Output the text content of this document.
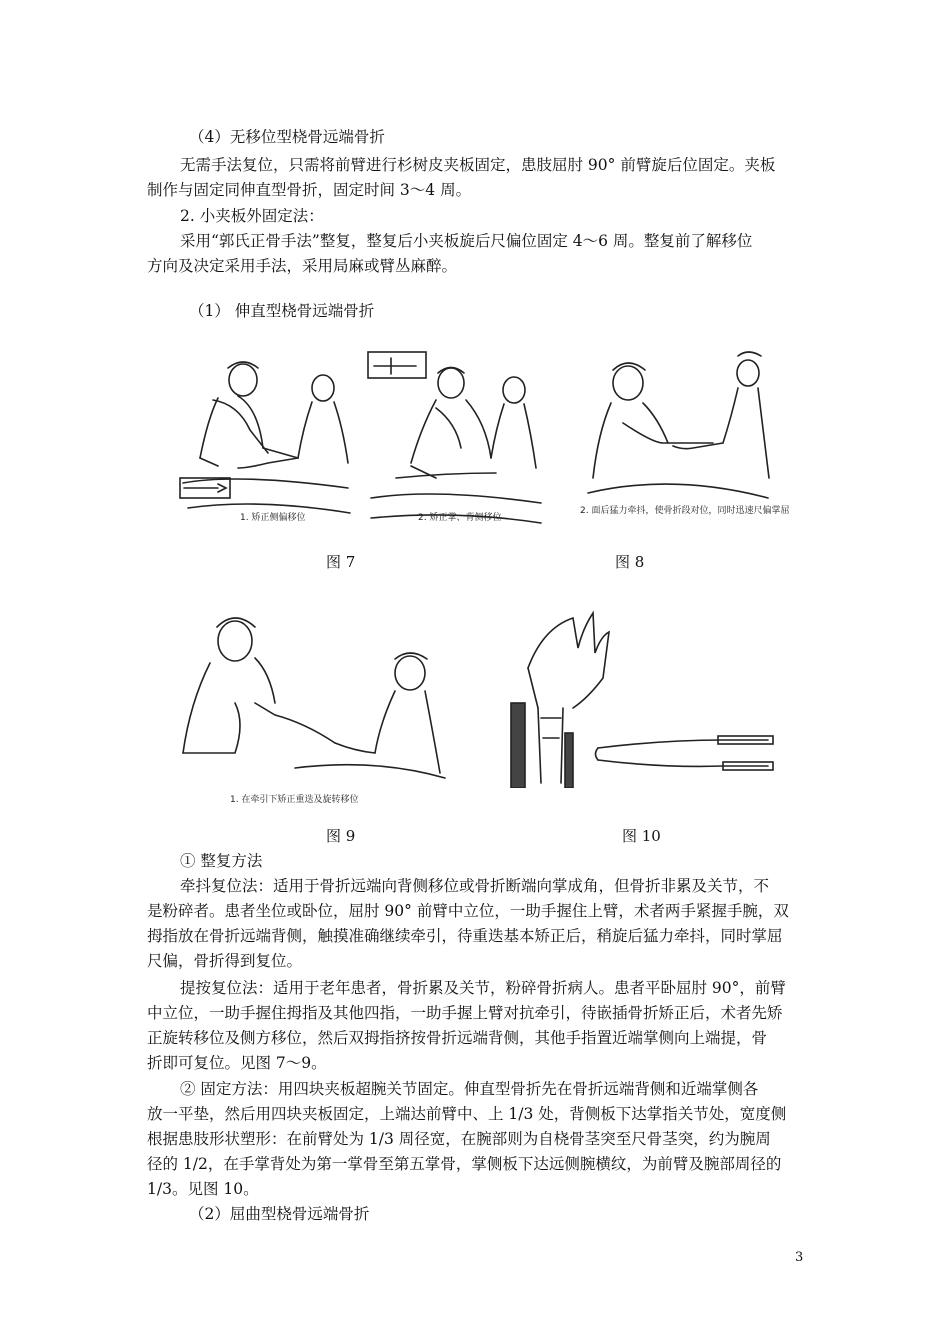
（4）无移位型桡骨远端骨折
无需手法复位，只需将前臂进行杉树皮夹板固定，患肢屈肘 90° 前臂旋后位固定。夹板
制作与固定同伸直型骨折，固定时间 3～4 周。
2. 小夹板外固定法：
采用“郭氏正骨手法”整复，整复后小夹板旋后尺偏位固定 4～6 周。整复前了解移位
方向及决定采用手法，采用局麻或臂丛麻醉。
（1） 伸直型桡骨远端骨折
1. 矫正侧偏移位	2. 矫正掌、背侧移位
2. 面后猛力牵抖，使骨折段对位，同时迅速尺偏掌屈
图 7	图 8
1. 在牵引下矫正重迭及旋转移位
图 9	图 10
① 整复方法
牵抖复位法：适用于骨折远端向背侧移位或骨折断端向掌成角，但骨折非累及关节，不
是粉碎者。患者坐位或卧位，屈肘 90° 前臂中立位，一助手握住上臂，术者两手紧握手腕，双
拇指放在骨折远端背侧，触摸准确继续牵引，待重迭基本矫正后，稍旋后猛力牵抖，同时掌屈
尺偏，骨折得到复位。
提按复位法：适用于老年患者，骨折累及关节，粉碎骨折病人。患者平卧屈肘 90°，前臂
中立位，一助手握住拇指及其他四指，一助手握上臂对抗牵引，待嵌插骨折矫正后，术者先矫
正旋转移位及侧方移位，然后双拇指挤按骨折远端背侧，其他手指置近端掌侧向上端提，骨
折即可复位。见图 7～9。
② 固定方法：用四块夹板超腕关节固定。伸直型骨折先在骨折远端背侧和近端掌侧各
放一平垫，然后用四块夹板固定，上端达前臂中、上 1/3 处，背侧板下达掌指关节处，宽度侧
根据患肢形状塑形：在前臂处为 1/3 周径宽，在腕部则为自桡骨茎突至尺骨茎突，约为腕周
径的 1/2，在手掌背处为第一掌骨至第五掌骨，掌侧板下达远侧腕横纹，为前臂及腕部周径的
1/3。见图 10。
（2）屈曲型桡骨远端骨折
3
